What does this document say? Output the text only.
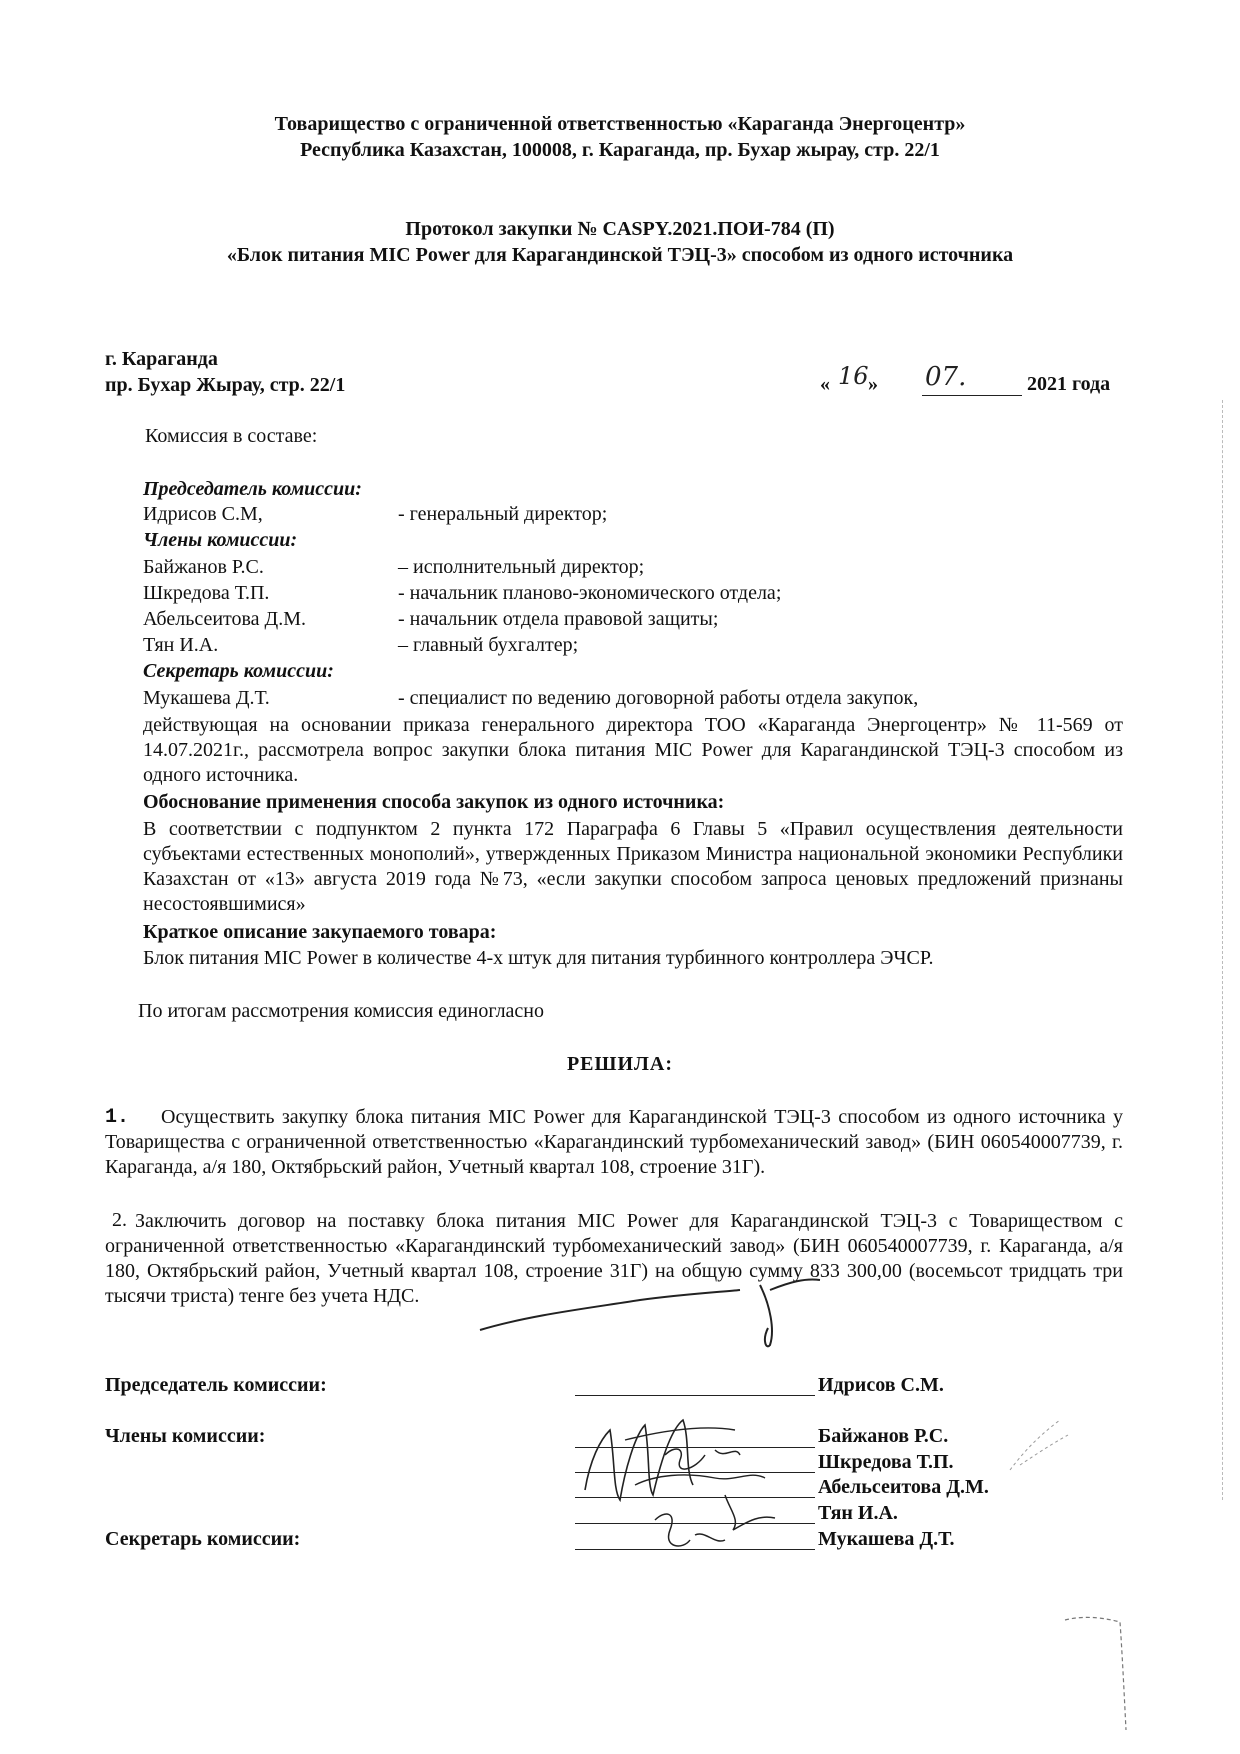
Товарищество с ограниченной ответственностью «Караганда Энергоцентр»
Республика Казахстан, 100008, г. Караганда, пр. Бухар жырау, стр. 22/1
Протокол закупки № CASPY.2021.ПОИ-784 (П)
«Блок питания MIC Power для Карагандинской ТЭЦ-3» способом из одного источника
г. Караганда
пр. Бухар Жырау, стр. 22/1	« 16 » 07.	2021 года
Комиссия в составе:
Председатель комиссии:
Идрисов С.М,	- генеральный директор;
Члены комиссии:
Байжанов Р.С.	– исполнительный директор;
Шкредова Т.П.	- начальник планово-экономического отдела;
Абельсеитова Д.М.	- начальник отдела правовой защиты;
Тян И.А.	– главный бухгалтер;
Секретарь комиссии:
Мукашева Д.Т.	- специалист по ведению договорной работы отдела закупок,
действующая на основании приказа генерального директора ТОО «Караганда Энергоцентр» № 11-569 от 14.07.2021г., рассмотрела вопрос закупки блока питания MIC Power для Карагандинской ТЭЦ-3 способом из одного источника.
Обоснование применения способа закупок из одного источника:
В соответствии с подпунктом 2 пункта 172 Параграфа 6 Главы 5 «Правил осуществления деятельности субъектами естественных монополий», утвержденных Приказом Министра национальной экономики Республики Казахстан от «13» августа 2019 года №73, «если закупки способом запроса ценовых предложений признаны несостоявшимися»
Краткое описание закупаемого товара:
Блок питания MIC Power в количестве 4-х штук для питания турбинного контроллера ЭЧСР.
По итогам рассмотрения комиссия единогласно
РЕШИЛА:
1.	Осуществить закупку блока питания MIC Power для Карагандинской ТЭЦ-3 способом из одного источника у Товарищества с ограниченной ответственностью «Карагандинский турбомеханический завод» (БИН 060540007739, г. Караганда, а/я 180, Октябрьский район, Учетный квартал 108, строение 31Г).
2. Заключить договор на поставку блока питания MIC Power для Карагандинской ТЭЦ-3 с Товариществом с ограниченной ответственностью «Карагандинский турбомеханический завод» (БИН 060540007739, г. Караганда, а/я 180, Октябрьский район, Учетный квартал 108, строение 31Г) на общую сумму 833 300,00 (восемьсот тридцать три тысячи триста) тенге без учета НДС.
Председатель комиссии:	Идрисов С.М.
Члены комиссии:	Байжанов Р.С.
Шкредова Т.П.
Абельсеитова Д.М.
Тян И.А.
Секретарь комиссии:	Мукашева Д.Т.
